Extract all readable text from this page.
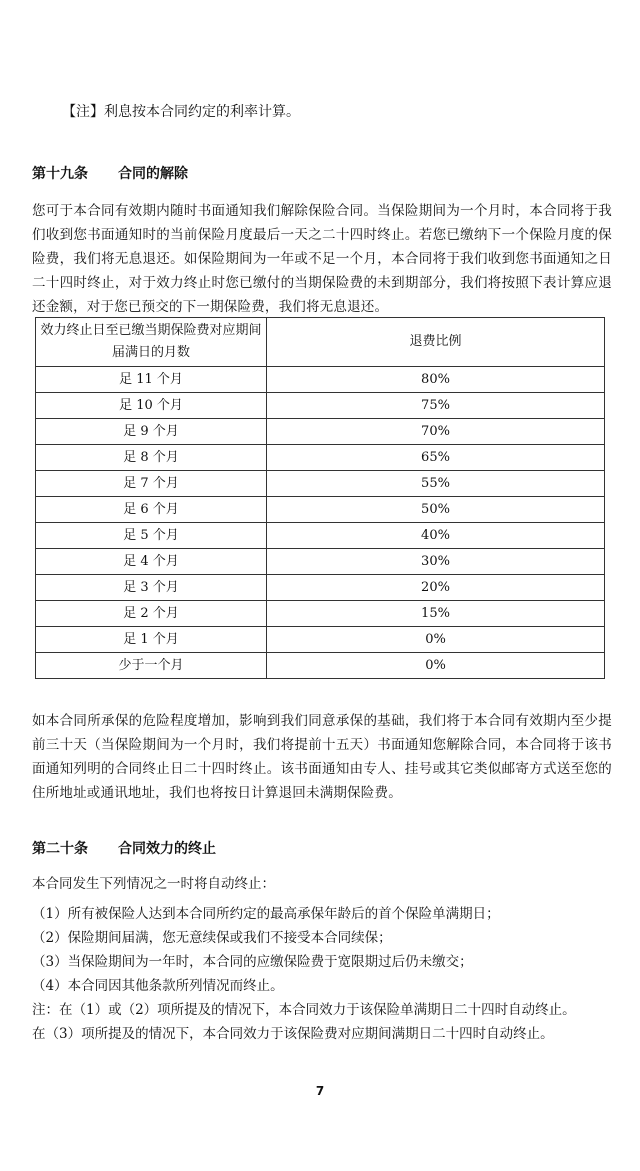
【注】利息按本合同约定的利率计算。
第十九条 合同的解除
您可于本合同有效期内随时书面通知我们解除保险合同。当保险期间为一个月时，本合同将于我们收到您书面通知时的当前保险月度最后一天之二十四时终止。若您已缴纳下一个保险月度的保险费，我们将无息退还。如保险期间为一年或不足一个月，本合同将于我们收到您书面通知之日二十四时终止，对于效力终止时您已缴付的当期保险费的未到期部分，我们将按照下表计算应退还金额，对于您已预交的下一期保险费，我们将无息退还。
效力终止日至已缴当期保险费对应期间届满日的月数	退费比例
足 11 个月	80%
足 10 个月	75%
足 9 个月	70%
足 8 个月	65%
足 7 个月	55%
足 6 个月	50%
足 5 个月	40%
足 4 个月	30%
足 3 个月	20%
足 2 个月	15%
足 1 个月	0%
少于一个月	0%
如本合同所承保的危险程度增加，影响到我们同意承保的基础，我们将于本合同有效期内至少提前三十天（当保险期间为一个月时，我们将提前十五天）书面通知您解除合同，本合同将于该书面通知列明的合同终止日二十四时终止。该书面通知由专人、挂号或其它类似邮寄方式送至您的住所地址或通讯地址，我们也将按日计算退回未满期保险费。
第二十条 合同效力的终止
本合同发生下列情况之一时将自动终止：
（1）所有被保险人达到本合同所约定的最高承保年龄后的首个保险单满期日；
（2）保险期间届满，您无意续保或我们不接受本合同续保；
（3）当保险期间为一年时，本合同的应缴保险费于宽限期过后仍未缴交；
（4）本合同因其他条款所列情况而终止。
注：在（1）或（2）项所提及的情况下，本合同效力于该保险单满期日二十四时自动终止。
在（3）项所提及的情况下，本合同效力于该保险费对应期间满期日二十四时自动终止。
7
